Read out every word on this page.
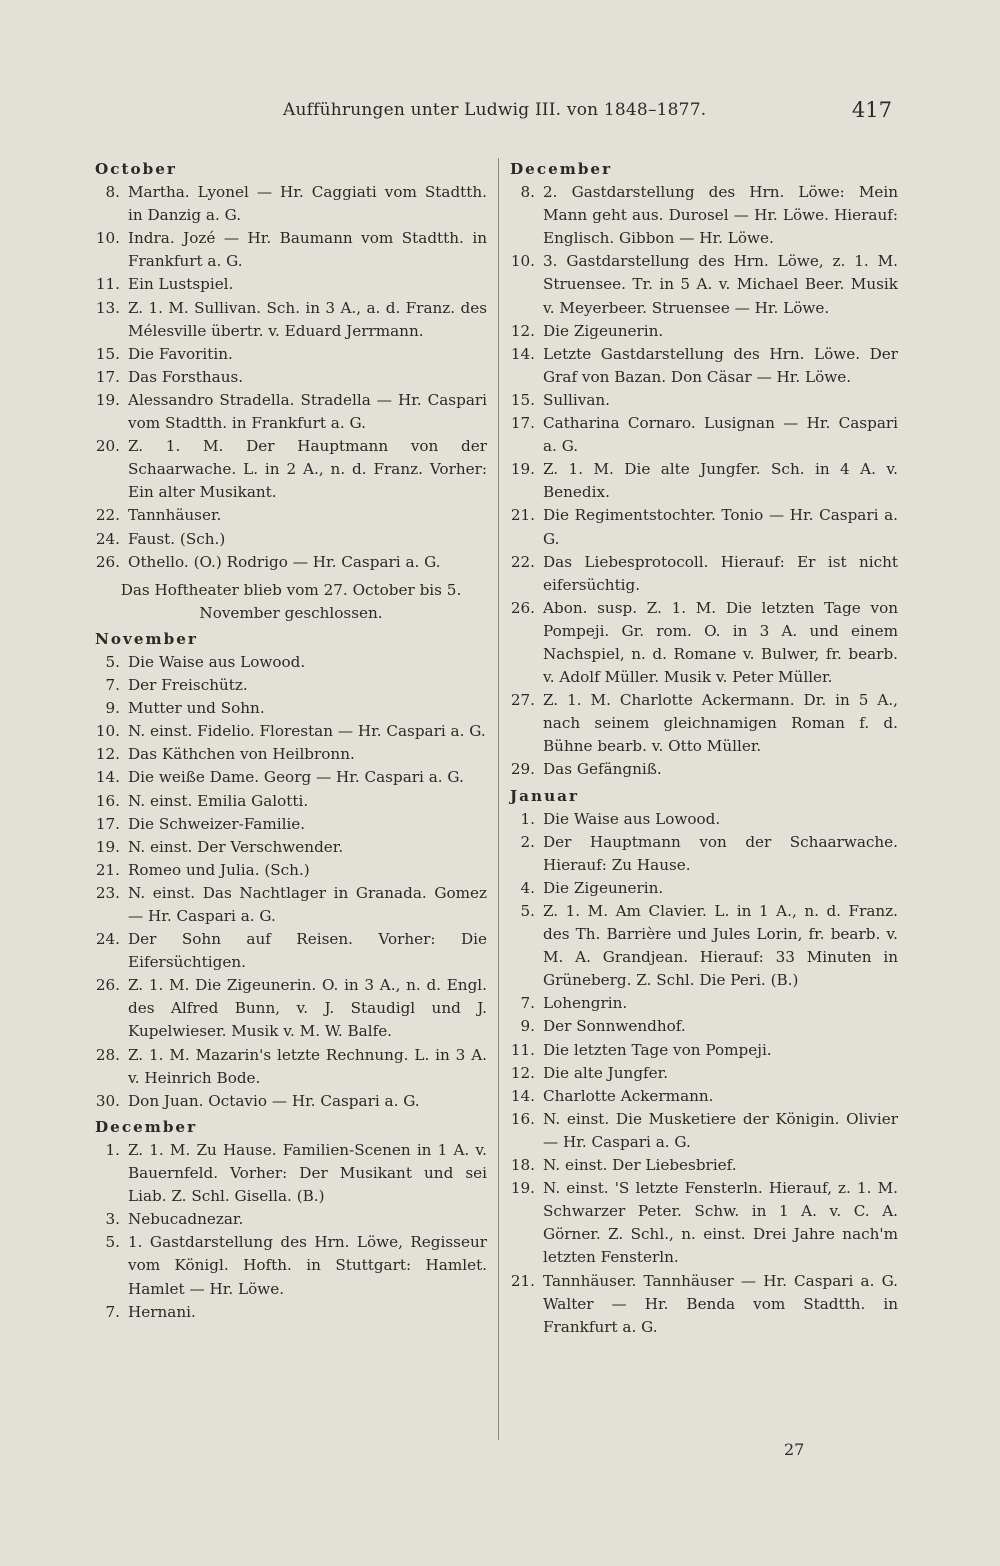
Aufführungen unter Ludwig III. von 1848–1877.	417
October
8. Martha. Lyonel — Hr. Caggiati vom Stadtth. in Danzig a. G.
10. Indra. Jozé — Hr. Baumann vom Stadtth. in Frankfurt a. G.
11. Ein Lustspiel.
13. Z. 1. M. Sullivan. Sch. in 3 A., a. d. Franz. des Mélesville übertr. v. Eduard Jerrmann.
15. Die Favoritin.
17. Das Forsthaus.
19. Alessandro Stradella. Stradella — Hr. Caspari vom Stadtth. in Frankfurt a. G.
20. Z. 1. M. Der Hauptmann von der Schaarwache. L. in 2 A., n. d. Franz. Vorher: Ein alter Musikant.
22. Tannhäuser.
24. Faust. (Sch.)
26. Othello. (O.) Rodrigo — Hr. Caspari a. G.
Das Hoftheater blieb vom 27. October bis 5. November geschlossen.
November
5. Die Waise aus Lowood.
7. Der Freischütz.
9. Mutter und Sohn.
10. N. einst. Fidelio. Florestan — Hr. Caspari a. G.
12. Das Käthchen von Heilbronn.
14. Die weiße Dame. Georg — Hr. Caspari a. G.
16. N. einst. Emilia Galotti.
17. Die Schweizer-Familie.
19. N. einst. Der Verschwender.
21. Romeo und Julia. (Sch.)
23. N. einst. Das Nachtlager in Granada. Gomez — Hr. Caspari a. G.
24. Der Sohn auf Reisen. Vorher: Die Eifersüchtigen.
26. Z. 1. M. Die Zigeunerin. O. in 3 A., n. d. Engl. des Alfred Bunn, v. J. Staudigl und J. Kupelwieser. Musik v. M. W. Balfe.
28. Z. 1. M. Mazarin's letzte Rechnung. L. in 3 A. v. Heinrich Bode.
30. Don Juan. Octavio — Hr. Caspari a. G.
December
1. Z. 1. M. Zu Hause. Familien-Scenen in 1 A. v. Bauernfeld. Vorher: Der Musikant und sei Liab. Z. Schl. Gisella. (B.)
3. Nebucadnezar.
5. 1. Gastdarstellung des Hrn. Löwe, Regisseur vom Königl. Hofth. in Stuttgart: Hamlet. Hamlet — Hr. Löwe.
7. Hernani.
December
8. 2. Gastdarstellung des Hrn. Löwe: Mein Mann geht aus. Durosel — Hr. Löwe. Hierauf: Englisch. Gibbon — Hr. Löwe.
10. 3. Gastdarstellung des Hrn. Löwe, z. 1. M. Struensee. Tr. in 5 A. v. Michael Beer. Musik v. Meyerbeer. Struensee — Hr. Löwe.
12. Die Zigeunerin.
14. Letzte Gastdarstellung des Hrn. Löwe. Der Graf von Bazan. Don Cäsar — Hr. Löwe.
15. Sullivan.
17. Catharina Cornaro. Lusignan — Hr. Caspari a. G.
19. Z. 1. M. Die alte Jungfer. Sch. in 4 A. v. Benedix.
21. Die Regimentstochter. Tonio — Hr. Caspari a. G.
22. Das Liebesprotocoll. Hierauf: Er ist nicht eifersüchtig.
26. Abon. susp. Z. 1. M. Die letzten Tage von Pompeji. Gr. rom. O. in 3 A. und einem Nachspiel, n. d. Romane v. Bulwer, fr. bearb. v. Adolf Müller. Musik v. Peter Müller.
27. Z. 1. M. Charlotte Ackermann. Dr. in 5 A., nach seinem gleichnamigen Roman f. d. Bühne bearb. v. Otto Müller.
29. Das Gefängniß.
Januar
1. Die Waise aus Lowood.
2. Der Hauptmann von der Schaarwache. Hierauf: Zu Hause.
4. Die Zigeunerin.
5. Z. 1. M. Am Clavier. L. in 1 A., n. d. Franz. des Th. Barrière und Jules Lorin, fr. bearb. v. M. A. Grandjean. Hierauf: 33 Minuten in Grüneberg. Z. Schl. Die Peri. (B.)
7. Lohengrin.
9. Der Sonnwendhof.
11. Die letzten Tage von Pompeji.
12. Die alte Jungfer.
14. Charlotte Ackermann.
16. N. einst. Die Musketiere der Königin. Olivier — Hr. Caspari a. G.
18. N. einst. Der Liebesbrief.
19. N. einst. 'S letzte Fensterln. Hierauf, z. 1. M. Schwarzer Peter. Schw. in 1 A. v. C. A. Görner. Z. Schl., n. einst. Drei Jahre nach'm letzten Fensterln.
21. Tannhäuser. Tannhäuser — Hr. Caspari a. G. Walter — Hr. Benda vom Stadtth. in Frankfurt a. G.
27
